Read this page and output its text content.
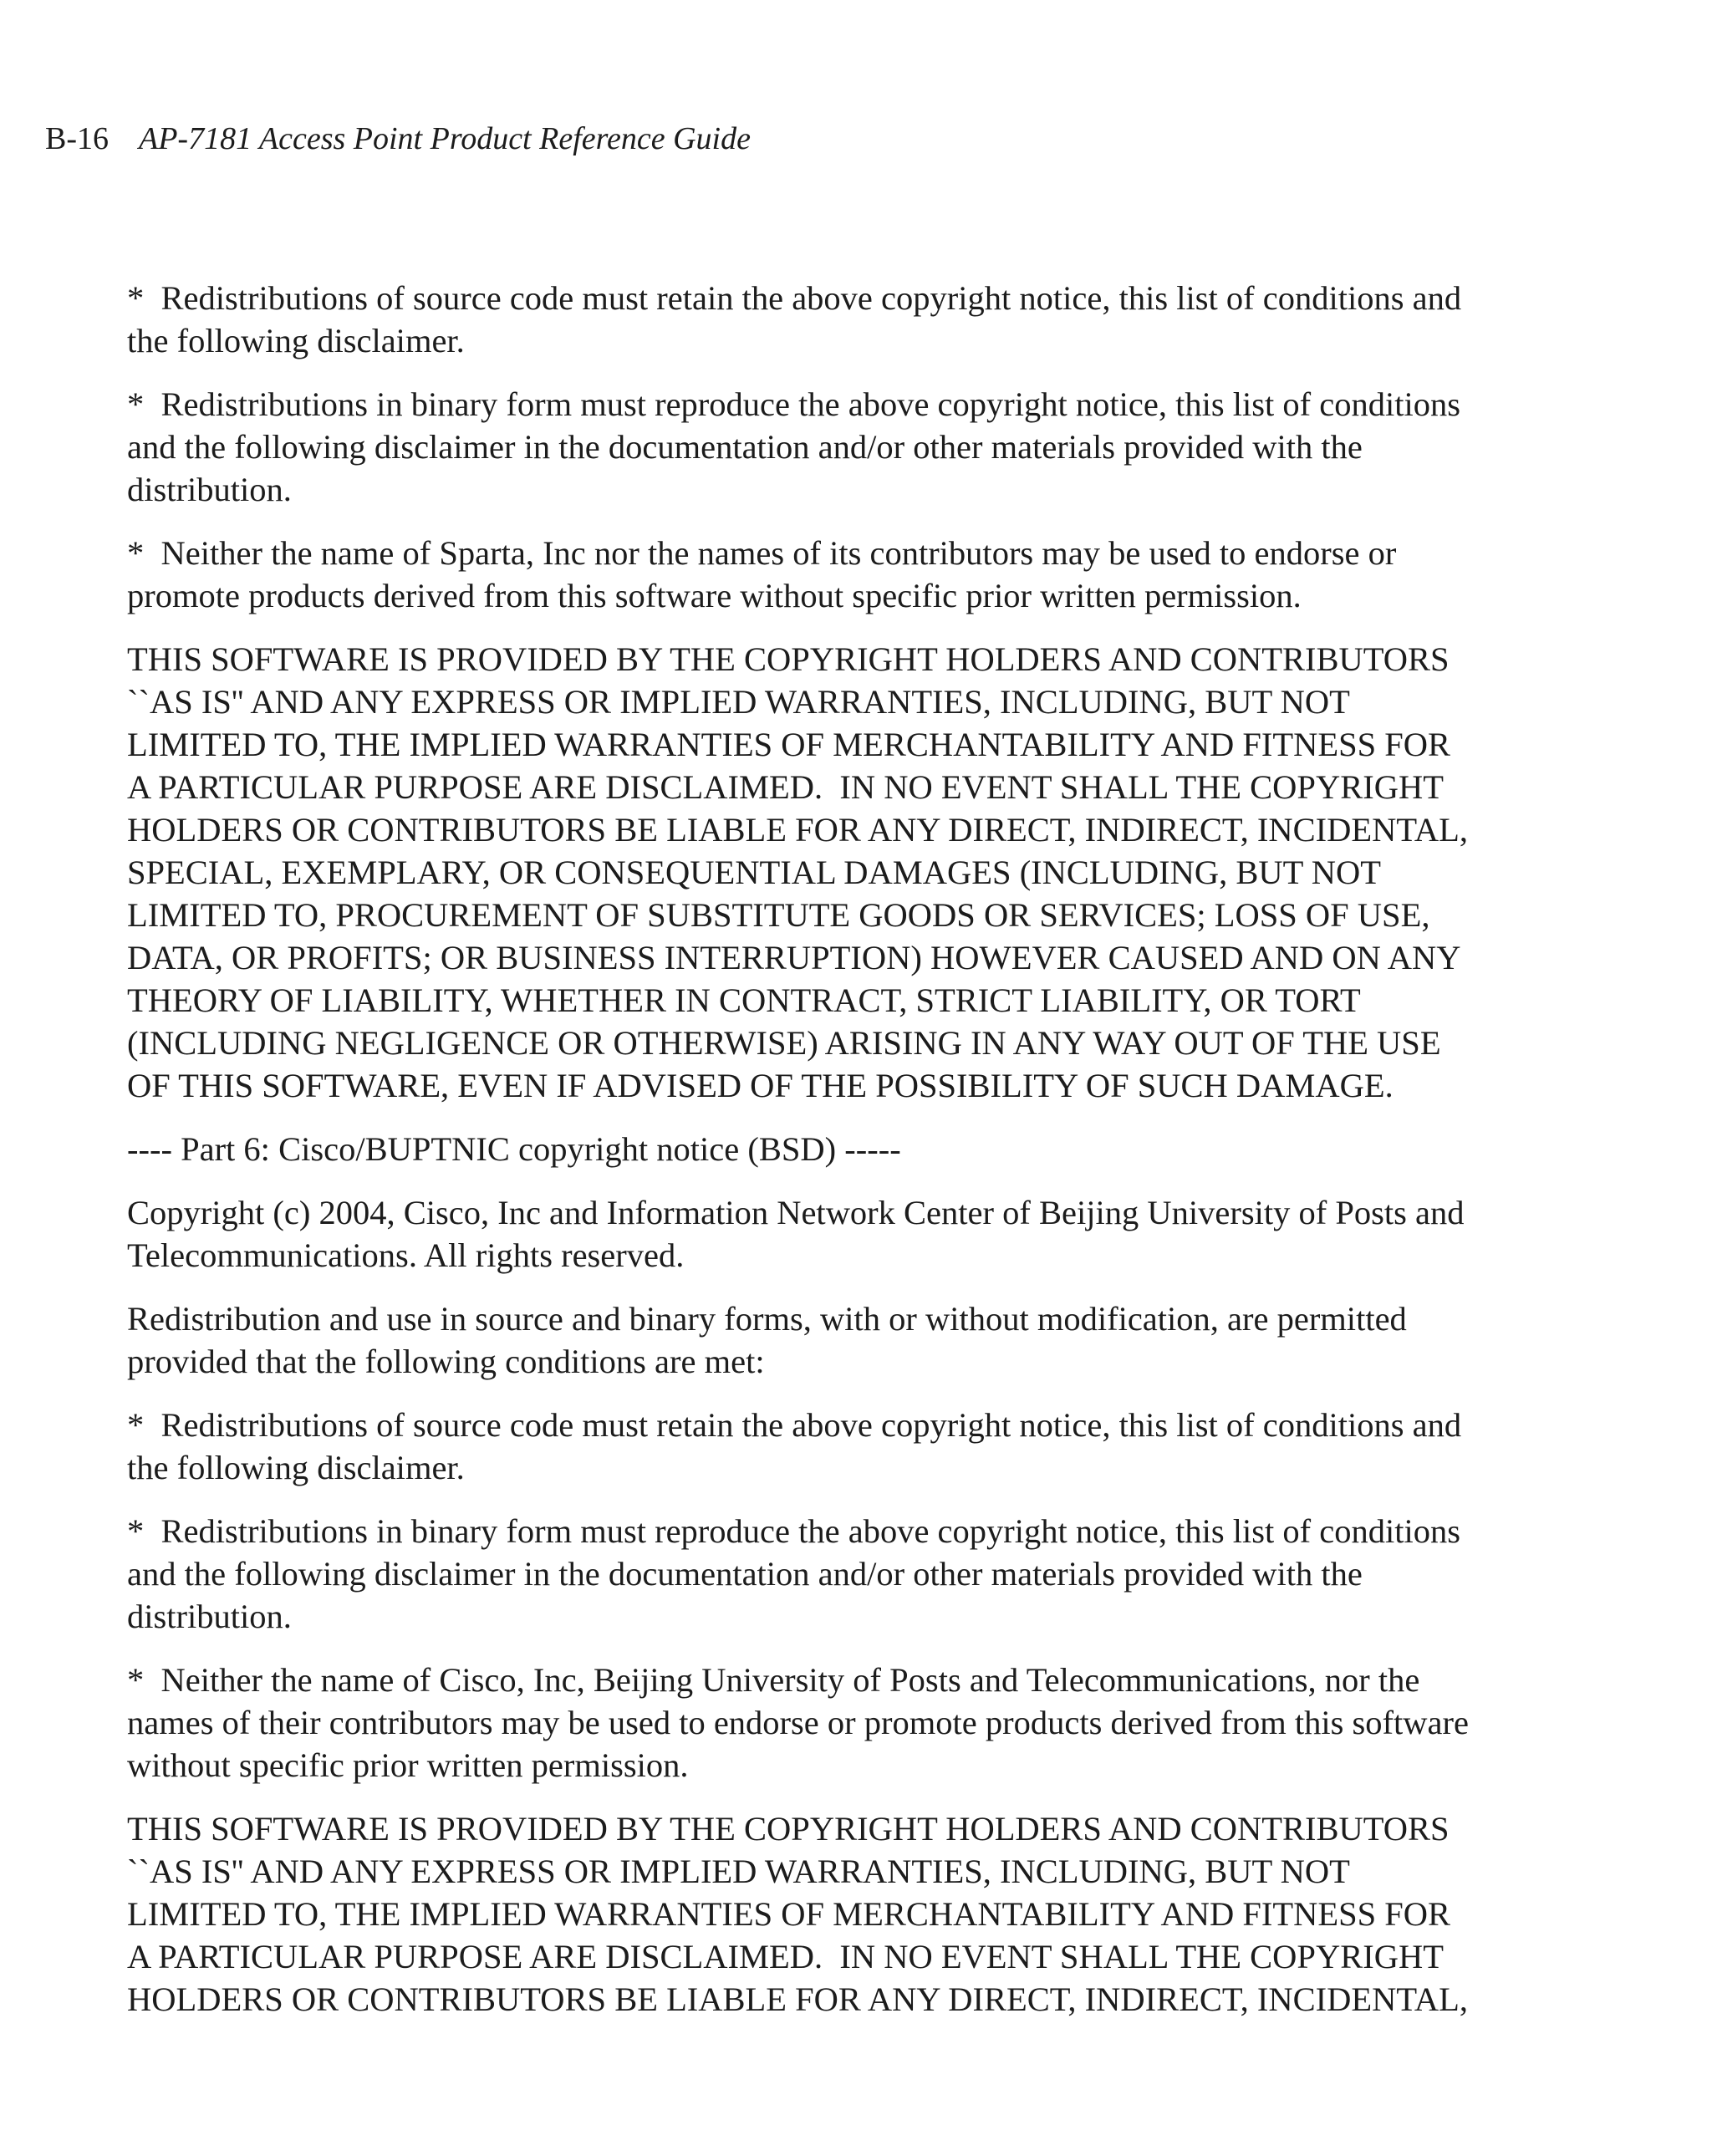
B-16 AP-7181 Access Point Product Reference Guide
*  Redistributions of source code must retain the above copyright notice, this list of conditions and
the following disclaimer.
*  Redistributions in binary form must reproduce the above copyright notice, this list of conditions
and the following disclaimer in the documentation and/or other materials provided with the
distribution.
*  Neither the name of Sparta, Inc nor the names of its contributors may be used to endorse or
promote products derived from this software without specific prior written permission.
THIS SOFTWARE IS PROVIDED BY THE COPYRIGHT HOLDERS AND CONTRIBUTORS
``AS IS'' AND ANY EXPRESS OR IMPLIED WARRANTIES, INCLUDING, BUT NOT
LIMITED TO, THE IMPLIED WARRANTIES OF MERCHANTABILITY AND FITNESS FOR
A PARTICULAR PURPOSE ARE DISCLAIMED.  IN NO EVENT SHALL THE COPYRIGHT
HOLDERS OR CONTRIBUTORS BE LIABLE FOR ANY DIRECT, INDIRECT, INCIDENTAL,
SPECIAL, EXEMPLARY, OR CONSEQUENTIAL DAMAGES (INCLUDING, BUT NOT
LIMITED TO, PROCUREMENT OF SUBSTITUTE GOODS OR SERVICES; LOSS OF USE,
DATA, OR PROFITS; OR BUSINESS INTERRUPTION) HOWEVER CAUSED AND ON ANY
THEORY OF LIABILITY, WHETHER IN CONTRACT, STRICT LIABILITY, OR TORT
(INCLUDING NEGLIGENCE OR OTHERWISE) ARISING IN ANY WAY OUT OF THE USE
OF THIS SOFTWARE, EVEN IF ADVISED OF THE POSSIBILITY OF SUCH DAMAGE.
---- Part 6: Cisco/BUPTNIC copyright notice (BSD) -----
Copyright (c) 2004, Cisco, Inc and Information Network Center of Beijing University of Posts and
Telecommunications. All rights reserved.
Redistribution and use in source and binary forms, with or without modification, are permitted
provided that the following conditions are met:
*  Redistributions of source code must retain the above copyright notice, this list of conditions and
the following disclaimer.
*  Redistributions in binary form must reproduce the above copyright notice, this list of conditions
and the following disclaimer in the documentation and/or other materials provided with the
distribution.
*  Neither the name of Cisco, Inc, Beijing University of Posts and Telecommunications, nor the
names of their contributors may be used to endorse or promote products derived from this software
without specific prior written permission.
THIS SOFTWARE IS PROVIDED BY THE COPYRIGHT HOLDERS AND CONTRIBUTORS
``AS IS'' AND ANY EXPRESS OR IMPLIED WARRANTIES, INCLUDING, BUT NOT
LIMITED TO, THE IMPLIED WARRANTIES OF MERCHANTABILITY AND FITNESS FOR
A PARTICULAR PURPOSE ARE DISCLAIMED.  IN NO EVENT SHALL THE COPYRIGHT
HOLDERS OR CONTRIBUTORS BE LIABLE FOR ANY DIRECT, INDIRECT, INCIDENTAL,
